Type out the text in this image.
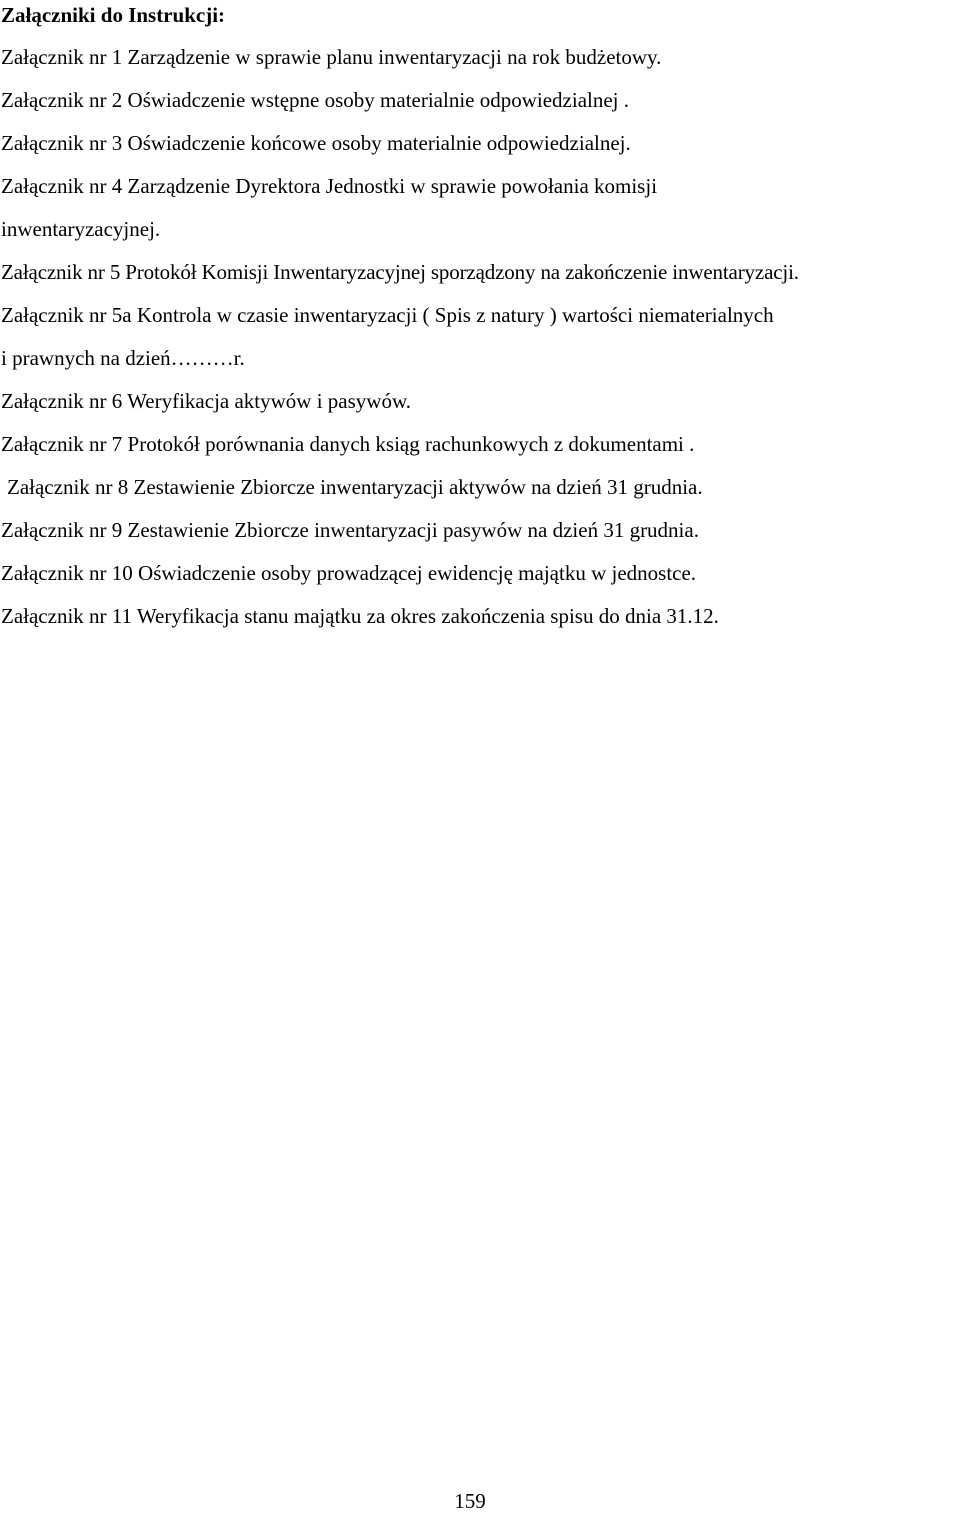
Załączniki do Instrukcji:
Załącznik nr 1 Zarządzenie w sprawie planu inwentaryzacji na rok budżetowy.
Załącznik nr 2 Oświadczenie wstępne osoby materialnie odpowiedzialnej .
Załącznik nr 3 Oświadczenie końcowe osoby materialnie odpowiedzialnej.
Załącznik nr 4 Zarządzenie Dyrektora Jednostki w sprawie powołania komisji
inwentaryzacyjnej.
Załącznik nr 5 Protokół Komisji Inwentaryzacyjnej sporządzony na zakończenie inwentaryzacji.
Załącznik nr 5a Kontrola w czasie inwentaryzacji ( Spis z natury ) wartości niematerialnych
i prawnych na dzień………r.
Załącznik nr 6 Weryfikacja aktywów i pasywów.
Załącznik nr 7 Protokół porównania danych ksiąg rachunkowych z dokumentami .
Załącznik nr 8 Zestawienie Zbiorcze inwentaryzacji aktywów na dzień 31 grudnia.
Załącznik nr 9 Zestawienie Zbiorcze inwentaryzacji pasywów na dzień 31 grudnia.
Załącznik nr 10 Oświadczenie osoby prowadzącej ewidencję majątku w jednostce.
Załącznik nr 11 Weryfikacja stanu majątku za okres zakończenia spisu do dnia 31.12.
159
